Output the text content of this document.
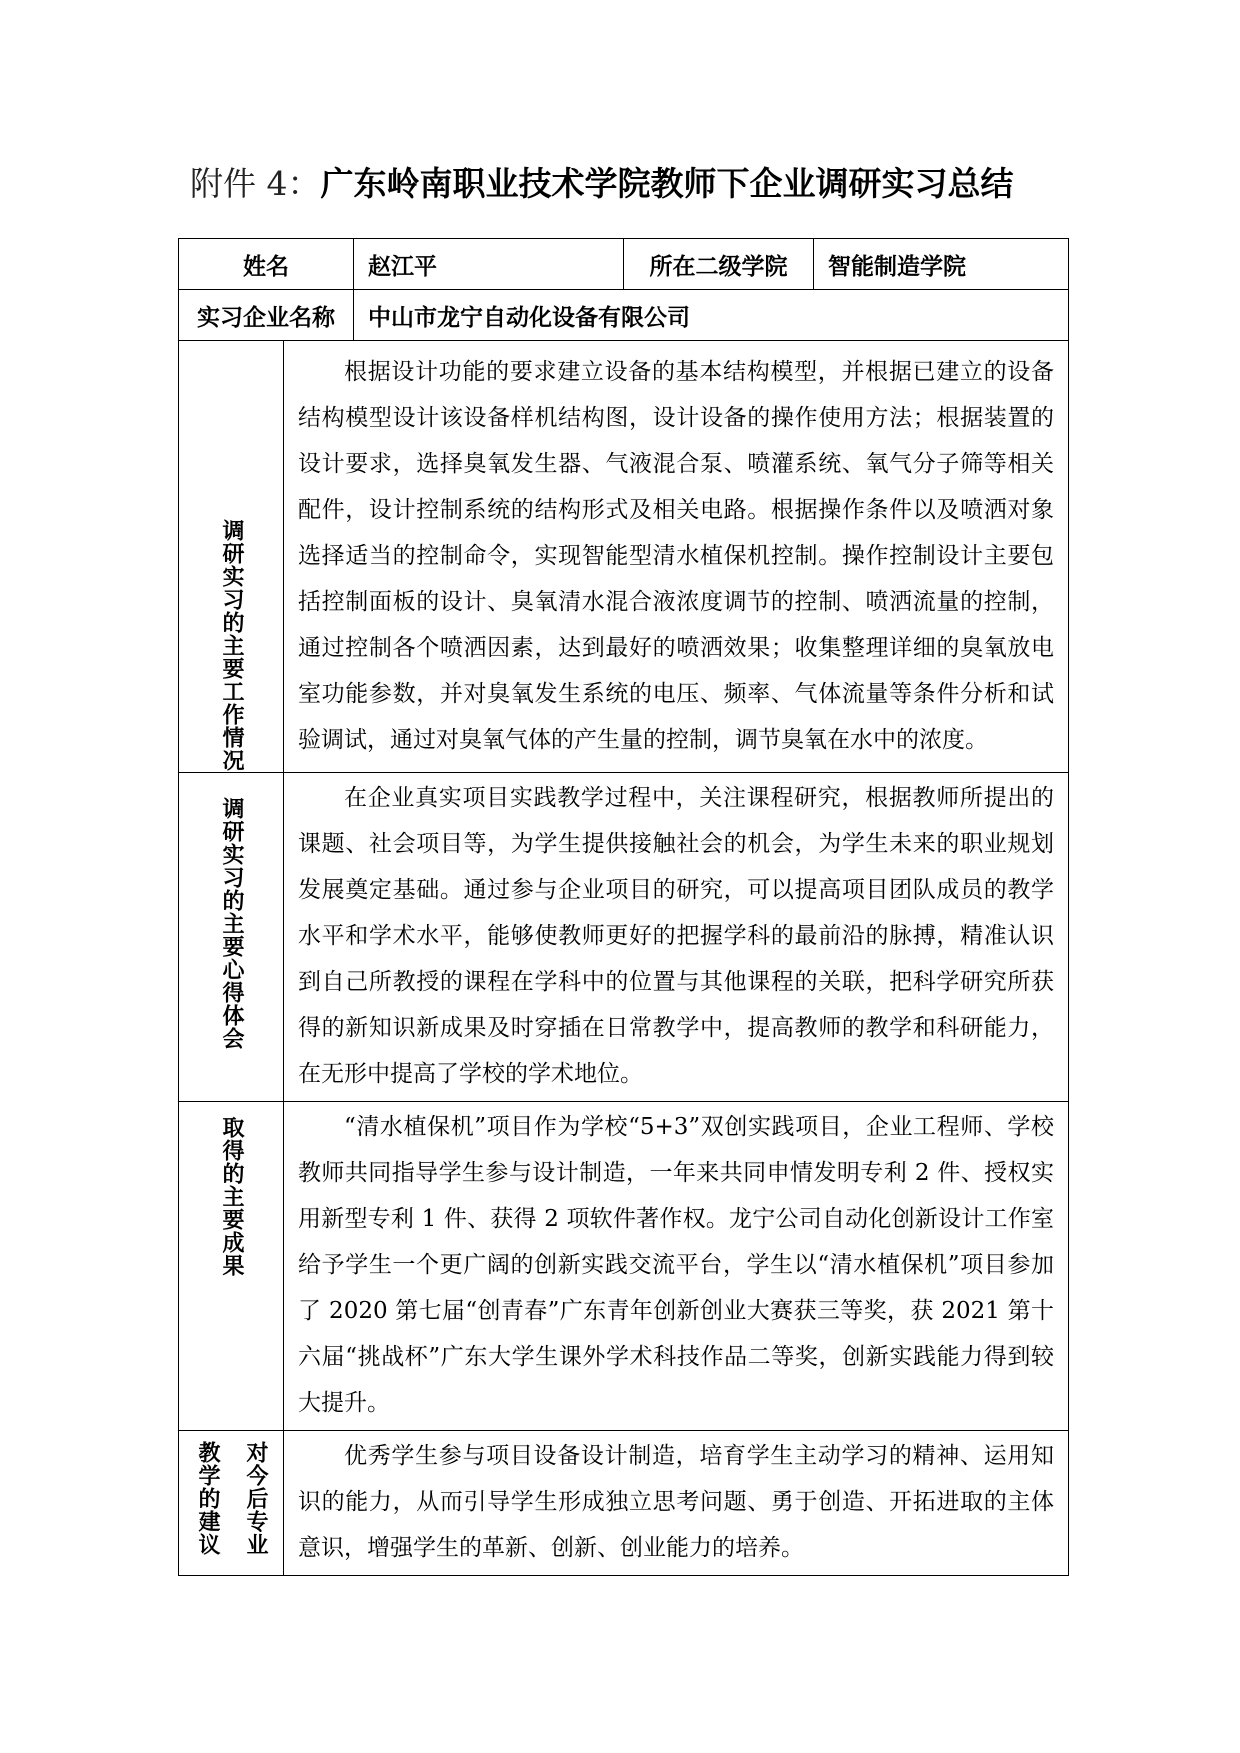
附件 4：广东岭南职业技术学院教师下企业调研实习总结
姓名		赵江平	所在二级学院	智能制造学院
实习企业名称		中山市龙宁自动化设备有限公司		

调研实习的主要工作情况	根据设计功能的要求建立设备的基本结构模型，并根据已建立的设备结构模型设计该设备样机结构图，设计设备的操作使用方法；根据装置的设计要求，选择臭氧发生器、气液混合泵、喷灌系统、氧气分子筛等相关配件，设计控制系统的结构形式及相关电路。根据操作条件以及喷洒对象选择适当的控制命令，实现智能型清水植保机控制。操作控制设计主要包括控制面板的设计、臭氧清水混合液浓度调节的控制、喷洒流量的控制，通过控制各个喷洒因素，达到最好的喷洒效果；收集整理详细的臭氧放电室功能参数，并对臭氧发生系统的电压、频率、气体流量等条件分析和试验调试，通过对臭氧气体的产生量的控制，调节臭氧在水中的浓度。			

调研实习的主要心得体会	在企业真实项目实践教学过程中，关注课程研究，根据教师所提出的课题、社会项目等，为学生提供接触社会的机会，为学生未来的职业规划发展奠定基础。通过参与企业项目的研究，可以提高项目团队成员的教学水平和学术水平，能够使教师更好的把握学科的最前沿的脉搏，精准认识到自己所教授的课程在学科中的位置与其他课程的关联，把科学研究所获得的新知识新成果及时穿插在日常教学中，提高教师的教学和科研能力，在无形中提高了学校的学术地位。			

取得的主要成果	“清水植保机”项目作为学校“5+3”双创实践项目，企业工程师、学校教师共同指导学生参与设计制造，一年来共同申情发明专利 2 件、授权实用新型专利 1 件、获得 2 项软件著作权。龙宁公司自动化创新设计工作室给予学生一个更广阔的创新实践交流平台，学生以“清水植保机”项目参加了 2020 第七届“创青春”广东青年创新创业大赛获三等奖，获 2021 第十六届“挑战杯”广东大学生课外学术科技作品二等奖，创新实践能力得到较大提升。			

教学的建议 对今后专业	优秀学生参与项目设备设计制造，培育学生主动学习的精神、运用知识的能力，从而引导学生形成独立思考问题、勇于创造、开拓进取的主体意识，增强学生的革新、创新、创业能力的培养。			
